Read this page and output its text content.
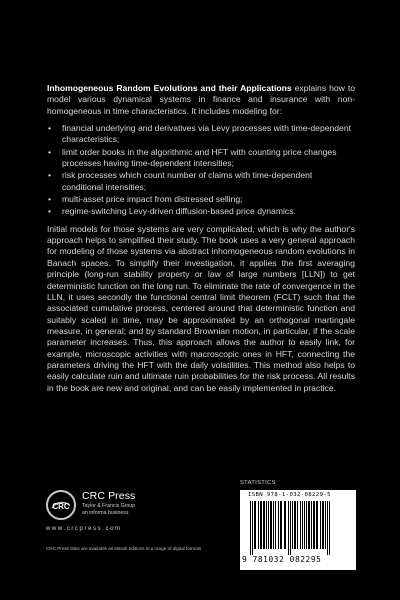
Inhomogeneous Random Evolutions and their Applications explains how to model various dynamical systems in finance and insurance with non-homogeneous in time characteristics. It includes modeling for:

• financial underlying and derivatives via Levy processes with time-dependent characteristics;
• limit order books in the algorithmic and HFT with counting price changes processes having time-dependent intensities;
• risk processes which count number of claims with time-dependent conditional intensities;
• multi-asset price impact from distressed selling;
• regime-switching Levy-driven diffusion-based price dynamics.

Initial models for those systems are very complicated, which is why the author's approach helps to simplified their study. The book uses a very general approach for modeling of those systems via abstract inhomogeneous random evolutions in Banach spaces. To simplify their investigation, it applies the first averaging principle (long-run stability property or law of large numbers [LLN]) to get deterministic function on the long run. To eliminate the rate of convergence in the LLN, it uses secondly the functional central limit theorem (FCLT) such that the associated cumulative process, centered around that deterministic function and suitably scaled in time, may be approximated by an orthogonal martingale measure, in general; and by standard Brownian motion, in particular, if the scale parameter increases. Thus, this approach allows the author to easily link, for example, microscopic activities with macroscopic ones in HFT, connecting the parameters driving the HFT with the daily volatilities. This method also helps to easily calculate ruin and ultimate ruin probabilities for the risk process. All results in the book are new and original, and can be easily implemented in practice.

CRC
CRC Press
Taylor & Francis Group
an informa business
www.crcpress.com
CRC Press titles are available as eBook editions in a range of digital formats
STATISTICS
ISBN 978-1-032-08229-5
9 781032 082295
